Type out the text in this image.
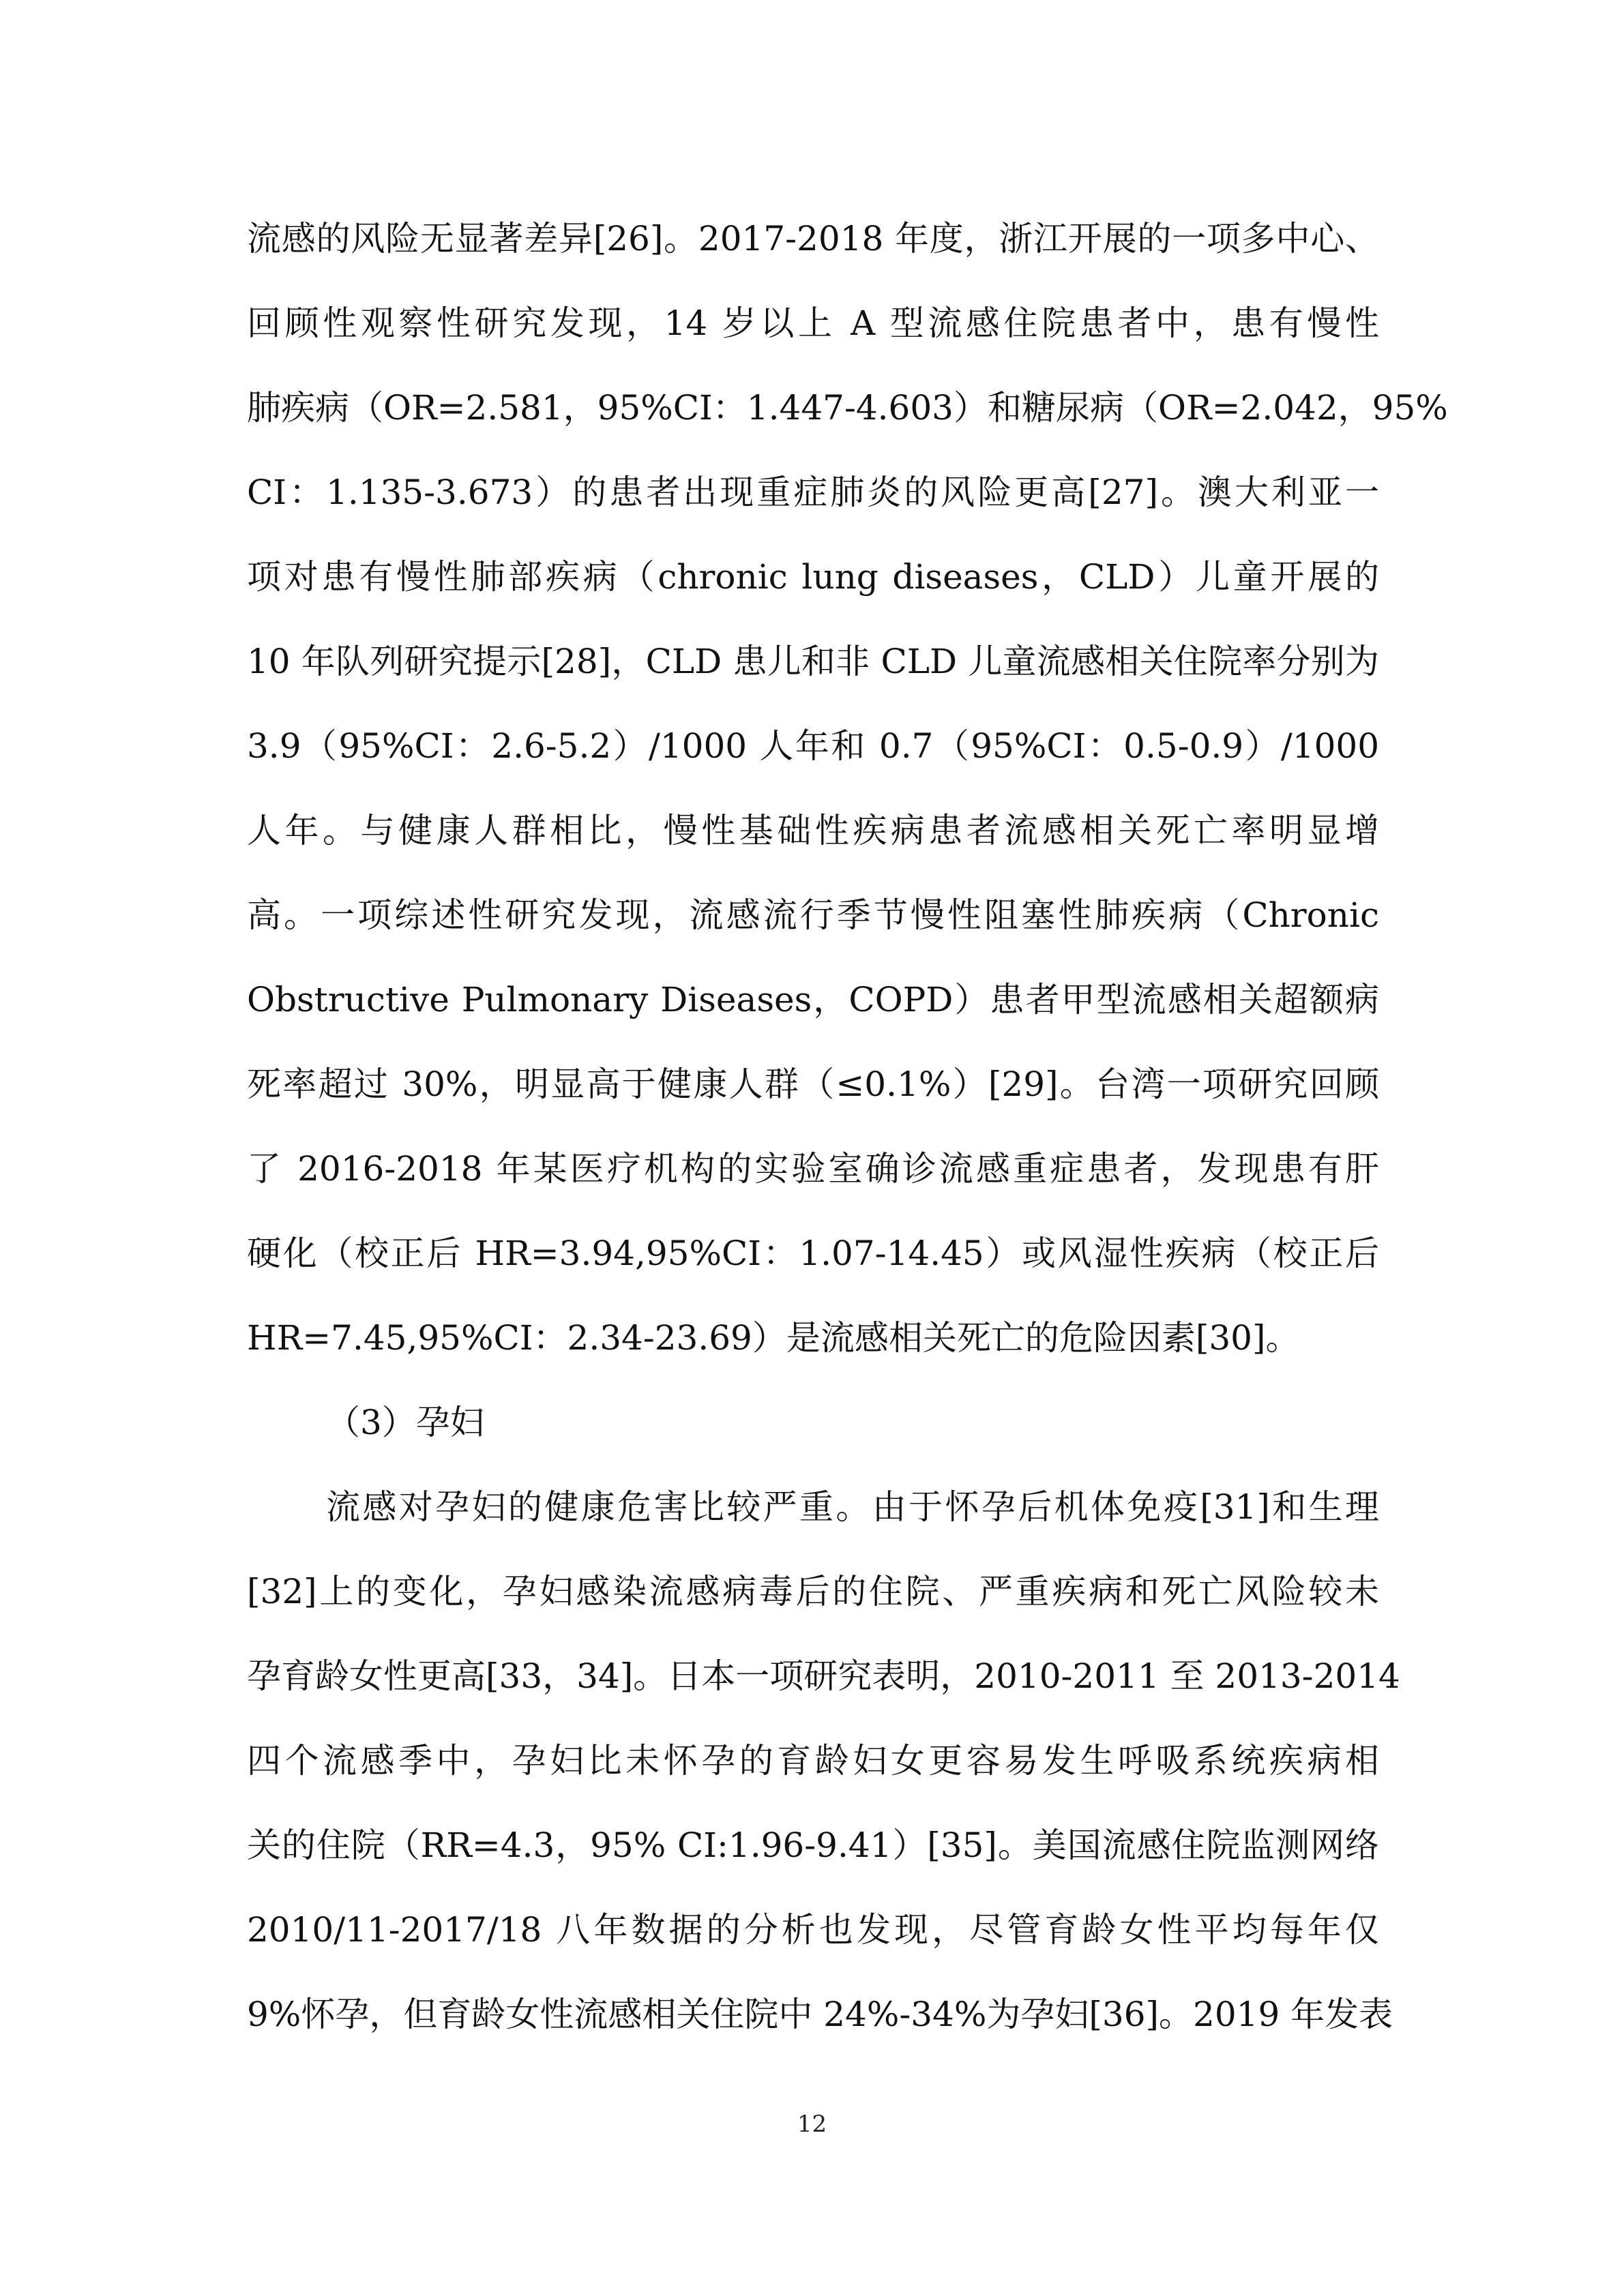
流感的风险无显著差异[26]。2017-2018 年度，浙江开展的一项多中心、
回顾性观察性研究发现，14 岁以上 A 型流感住院患者中，患有慢性
肺疾病（OR=2.581，95%CI：1.447-4.603）和糖尿病（OR=2.042，95%
CI：1.135-3.673）的患者出现重症肺炎的风险更高[27]。澳大利亚一
项对患有慢性肺部疾病（chronic lung diseases，CLD）儿童开展的
10 年队列研究提示[28]，CLD 患儿和非 CLD 儿童流感相关住院率分别为
3.9（95%CI：2.6-5.2）/1000 人年和 0.7（95%CI：0.5-0.9）/1000
人年。与健康人群相比，慢性基础性疾病患者流感相关死亡率明显增
高。一项综述性研究发现，流感流行季节慢性阻塞性肺疾病（Chronic
Obstructive Pulmonary Diseases，COPD）患者甲型流感相关超额病
死率超过 30%，明显高于健康人群（≤0.1%）[29]。台湾一项研究回顾
了 2016-2018 年某医疗机构的实验室确诊流感重症患者，发现患有肝
硬化（校正后 HR=3.94,95%CI：1.07-14.45）或风湿性疾病（校正后
HR=7.45,95%CI：2.34-23.69）是流感相关死亡的危险因素[30]。
（3）孕妇
流感对孕妇的健康危害比较严重。由于怀孕后机体免疫[31]和生理
[32]上的变化，孕妇感染流感病毒后的住院、严重疾病和死亡风险较未
孕育龄女性更高[33，34]。日本一项研究表明，2010-2011 至 2013-2014
四个流感季中，孕妇比未怀孕的育龄妇女更容易发生呼吸系统疾病相
关的住院（RR=4.3，95% CI:1.96-9.41）[35]。美国流感住院监测网络
2010/11-2017/18 八年数据的分析也发现，尽管育龄女性平均每年仅
9%怀孕，但育龄女性流感相关住院中 24%-34%为孕妇[36]。2019 年发表
12
